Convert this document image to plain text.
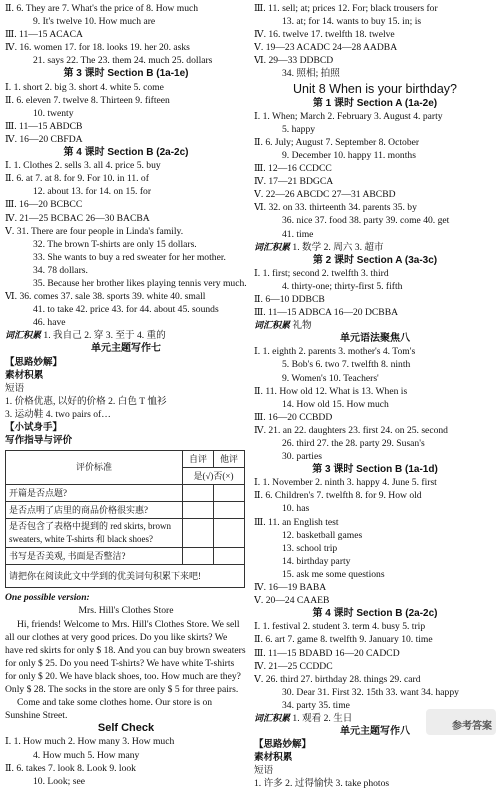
Ⅱ. 6. They are 7. What's the price of 8. How much
9. It's twelve 10. How much are
Ⅲ. 11—15 ACACA
Ⅳ. 16. women 17. for 18. looks 19. her 20. asks
21. says 22. The 23. them 24. much 25. dollars
第 3 课时 Section B (1a-1e)
Ⅰ. 1. short 2. big 3. short 4. white 5. come
Ⅱ. 6. eleven 7. twelve 8. Thirteen 9. fifteen
10. twenty
Ⅲ. 11—15 ABDCB
Ⅳ. 16—20 CBFDA
第 4 课时 Section B (2a-2c)
Ⅰ. 1. Clothes 2. sells 3. all 4. price 5. buy
Ⅱ. 6. at 7. at 8. for 9. For 10. in 11. of
12. about 13. for 14. on 15. for
Ⅲ. 16—20 BCBCC
Ⅳ. 21—25 BCBAC 26—30 BACBA
Ⅴ. 31. There are four people in Linda's family.
32. The brown T-shirts are only 15 dollars.
33. She wants to buy a red sweater for her mother.
34. 78 dollars.
35. Because her brother likes playing tennis very much.
Ⅵ. 36. comes 37. sale 38. sports 39. white 40. small
41. to take 42. price 43. for 44. about 45. sounds
46. have
词汇积累 1. 我自己 2. 穿 3. 至于 4. 重的
单元主题写作七
【思路妙解】
素材积累
短语
1. 价格优惠, 以好的价格 2. 白色 T 恤衫
3. 运动鞋 4. two pairs of…
【小试身手】
写作指导与评价
评价标准	自评	他评
	是(√)否(×)	
开篇是否点题?		
是否点明了店里的商品价格很实惠?		
是否包含了表格中提到的 red skirts, brown sweaters, white T-shirts 和 black shoes?		
书写是否美观, 书面是否整洁?		
请把你在阅读此文中学到的优美词句积累下来吧!		
One possible version:
Mrs. Hill's Clothes Store
Hi, friends! Welcome to Mrs. Hill's Clothes Store. We sell all our clothes at very good prices. Do you like skirts? We have red skirts for only $ 18. And you can buy brown sweaters for only $ 25. Do you need T-shirts? We have white T-shirts for only $ 20. We have black shoes, too. How much are they? Only $ 28. The socks in the store are only $ 5 for three pairs.
Come and take some clothes home. Our store is on Sunshine Street.
Self Check
Ⅰ. 1. How much 2. How many 3. How much
4. How much 5. How many
Ⅱ. 6. takes 7. look 8. Look 9. look
10. Look; see
Ⅲ. 11. sell; at; prices 12. For; black trousers for
13. at; for 14. wants to buy 15. in; is
Ⅳ. 16. twelve 17. twelfth 18. twelve
Ⅴ. 19—23 ACADC 24—28 AADBA
Ⅵ. 29—33 DDBCD
34. 照相; 拍照
Unit 8 When is your birthday?
第 1 课时 Section A (1a-2e)
Ⅰ. 1. When; March 2. February 3. August 4. party
5. happy
Ⅱ. 6. July; August 7. September 8. October
9. December 10. happy 11. months
Ⅲ. 12—16 CCDCC
Ⅳ. 17—21 BDGCA
Ⅴ. 22—26 ABCDC 27—31 ABCBD
Ⅵ. 32. on 33. thirteenth 34. parents 35. by
36. nice 37. food 38. party 39. come 40. get
41. time
词汇积累 1. 数学 2. 周六 3. 超市
第 2 课时 Section A (3a-3c)
Ⅰ. 1. first; second 2. twelfth 3. third
4. thirty-one; thirty-first 5. fifth
Ⅱ. 6—10 DDBCB
Ⅲ. 11—15 ADBCA 16—20 DCBBA
词汇积累 礼物
单元语法聚焦八
Ⅰ. 1. eighth 2. parents 3. mother's 4. Tom's
5. Bob's 6. two 7. twelfth 8. ninth
9. Women's 10. Teachers'
Ⅱ. 11. How old 12. What is 13. When is
14. How old 15. How much
Ⅲ. 16—20 CCBDD
Ⅳ. 21. an 22. daughters 23. first 24. on 25. second
26. third 27. the 28. party 29. Susan's
30. parties
第 3 课时 Section B (1a-1d)
Ⅰ. 1. November 2. ninth 3. happy 4. June 5. first
Ⅱ. 6. Children's 7. twelfth 8. for 9. How old
10. has
Ⅲ. 11. an English test
12. basketball games
13. school trip
14. birthday party
15. ask me some questions
Ⅳ. 16—19 BABA
Ⅴ. 20—24 CAAEB
第 4 课时 Section B (2a-2c)
Ⅰ. 1. festival 2. student 3. term 4. busy 5. trip
Ⅱ. 6. art 7. game 8. twelfth 9. January 10. time
Ⅲ. 11—15 BDABD 16—20 CADCD
Ⅳ. 21—25 CCDDC
Ⅴ. 26. third 27. birthday 28. things 29. card
30. Dear 31. First 32. 15th 33. want 34. happy
34. party 35. time
词汇积累 1. 观看 2. 生日
单元主题写作八
【思路妙解】
素材积累
短语
1. 许多 2. 过得愉快 3. take photos
参考答案
